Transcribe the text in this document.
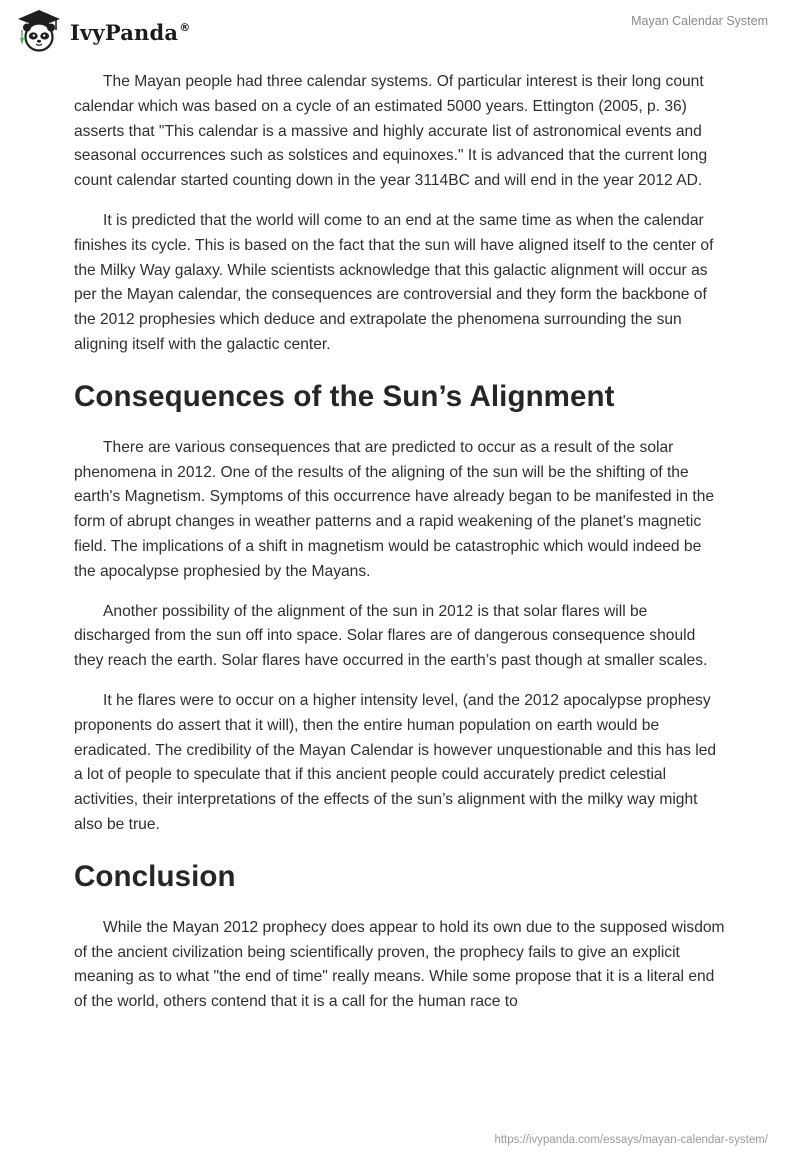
IvyPanda®	Mayan Calendar System

The Mayan people had three calendar systems. Of particular interest is their long count calendar which was based on a cycle of an estimated 5000 years. Ettington (2005, p. 36) asserts that "This calendar is a massive and highly accurate list of astronomical events and seasonal occurrences such as solstices and equinoxes." It is advanced that the current long count calendar started counting down in the year 3114BC and will end in the year 2012 AD.

It is predicted that the world will come to an end at the same time as when the calendar finishes its cycle. This is based on the fact that the sun will have aligned itself to the center of the Milky Way galaxy. While scientists acknowledge that this galactic alignment will occur as per the Mayan calendar, the consequences are controversial and they form the backbone of the 2012 prophesies which deduce and extrapolate the phenomena surrounding the sun aligning itself with the galactic center.

Consequences of the Sun’s Alignment

There are various consequences that are predicted to occur as a result of the solar phenomena in 2012. One of the results of the aligning of the sun will be the shifting of the earth's Magnetism. Symptoms of this occurrence have already began to be manifested in the form of abrupt changes in weather patterns and a rapid weakening of the planet's magnetic field. The implications of a shift in magnetism would be catastrophic which would indeed be the apocalypse prophesied by the Mayans.

Another possibility of the alignment of the sun in 2012 is that solar flares will be discharged from the sun off into space. Solar flares are of dangerous consequence should they reach the earth. Solar flares have occurred in the earth’s past though at smaller scales.

It he flares were to occur on a higher intensity level, (and the 2012 apocalypse prophesy proponents do assert that it will), then the entire human population on earth would be eradicated. The credibility of the Mayan Calendar is however unquestionable and this has led a lot of people to speculate that if this ancient people could accurately predict celestial activities, their interpretations of the effects of the sun’s alignment with the milky way might also be true.

Conclusion

While the Mayan 2012 prophecy does appear to hold its own due to the supposed wisdom of the ancient civilization being scientifically proven, the prophecy fails to give an explicit meaning as to what "the end of time" really means. While some propose that it is a literal end of the world, others contend that it is a call for the human race to

https://ivypanda.com/essays/mayan-calendar-system/
